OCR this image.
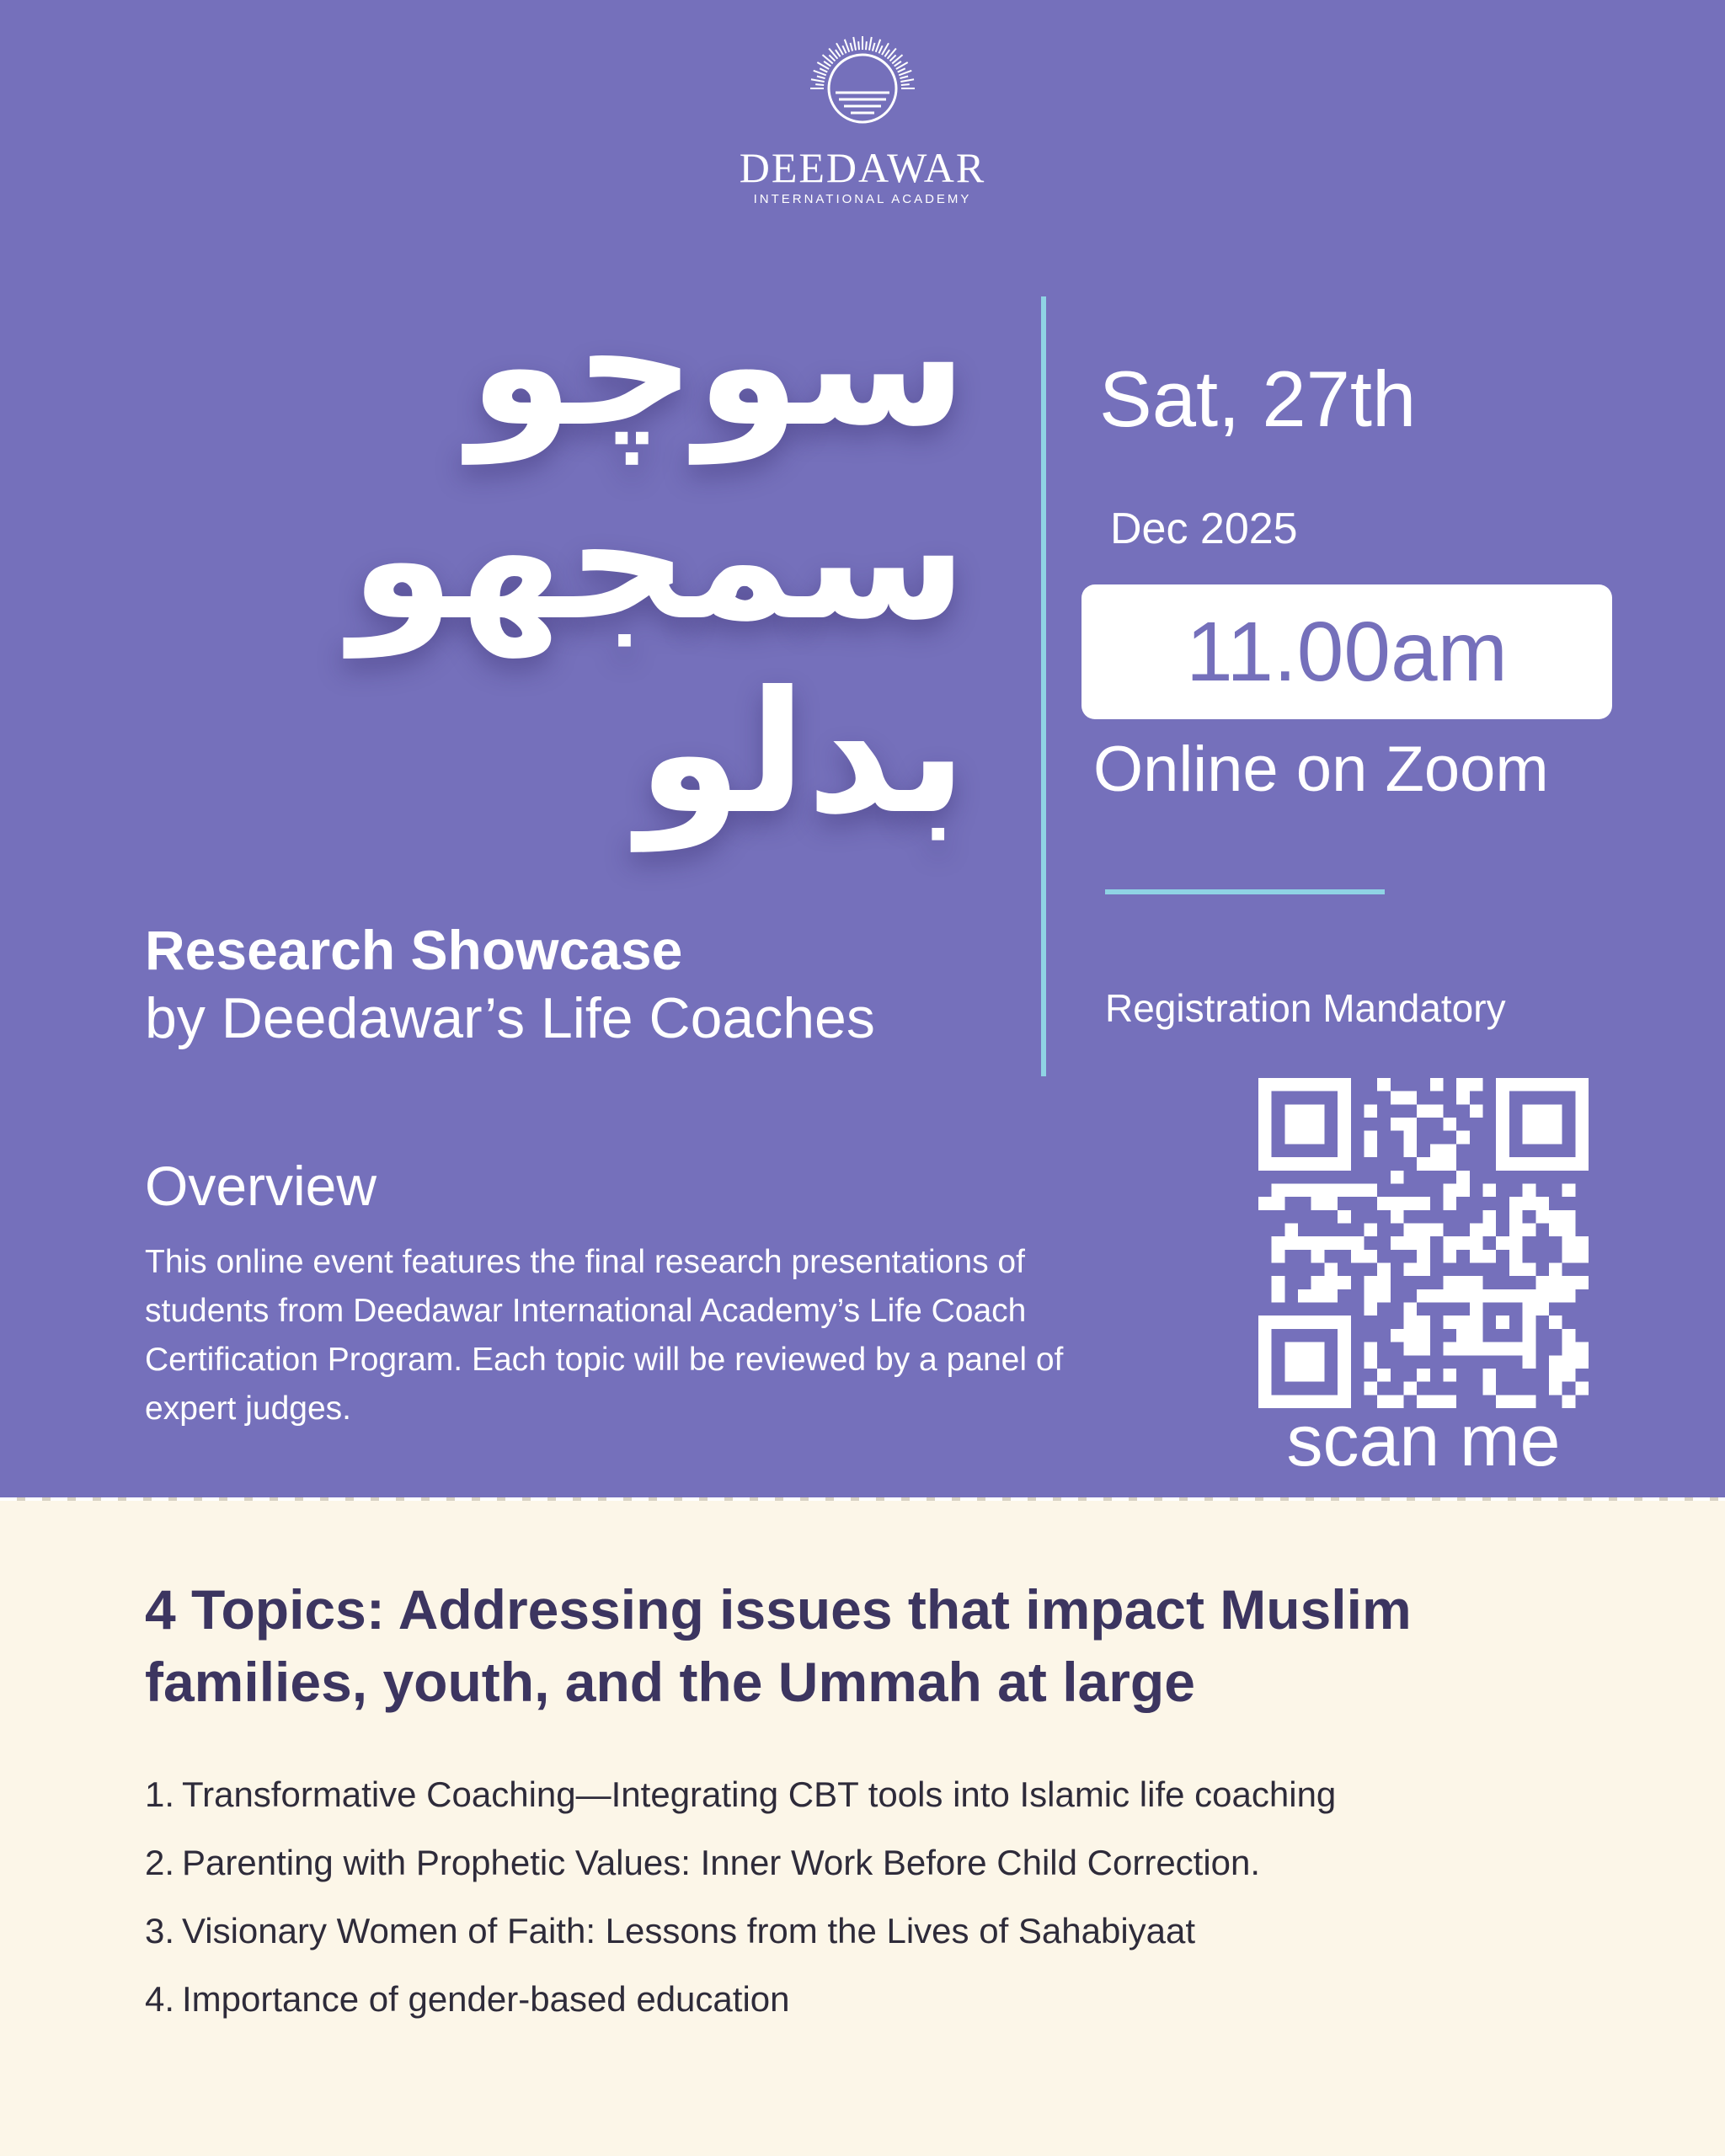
DEEDAWAR
INTERNATIONAL ACADEMY
سوچو
سمجھو
بدلو
Research Showcase
by Deedawar’s Life Coaches
Sat, 27th
Dec 2025
11.00am
Online on Zoom
Registration Mandatory
scan me
Overview
This online event features the final research presentations of students from Deedawar International Academy’s Life Coach Certification Program. Each topic will be reviewed by a panel of expert judges.
4 Topics: Addressing issues that impact Muslim families, youth, and the Ummah at large
1. Transformative Coaching—Integrating CBT tools into Islamic life coaching
2. Parenting with Prophetic Values: Inner Work Before Child Correction.
3. Visionary Women of Faith: Lessons from the Lives of Sahabiyaat
4. Importance of gender-based education
